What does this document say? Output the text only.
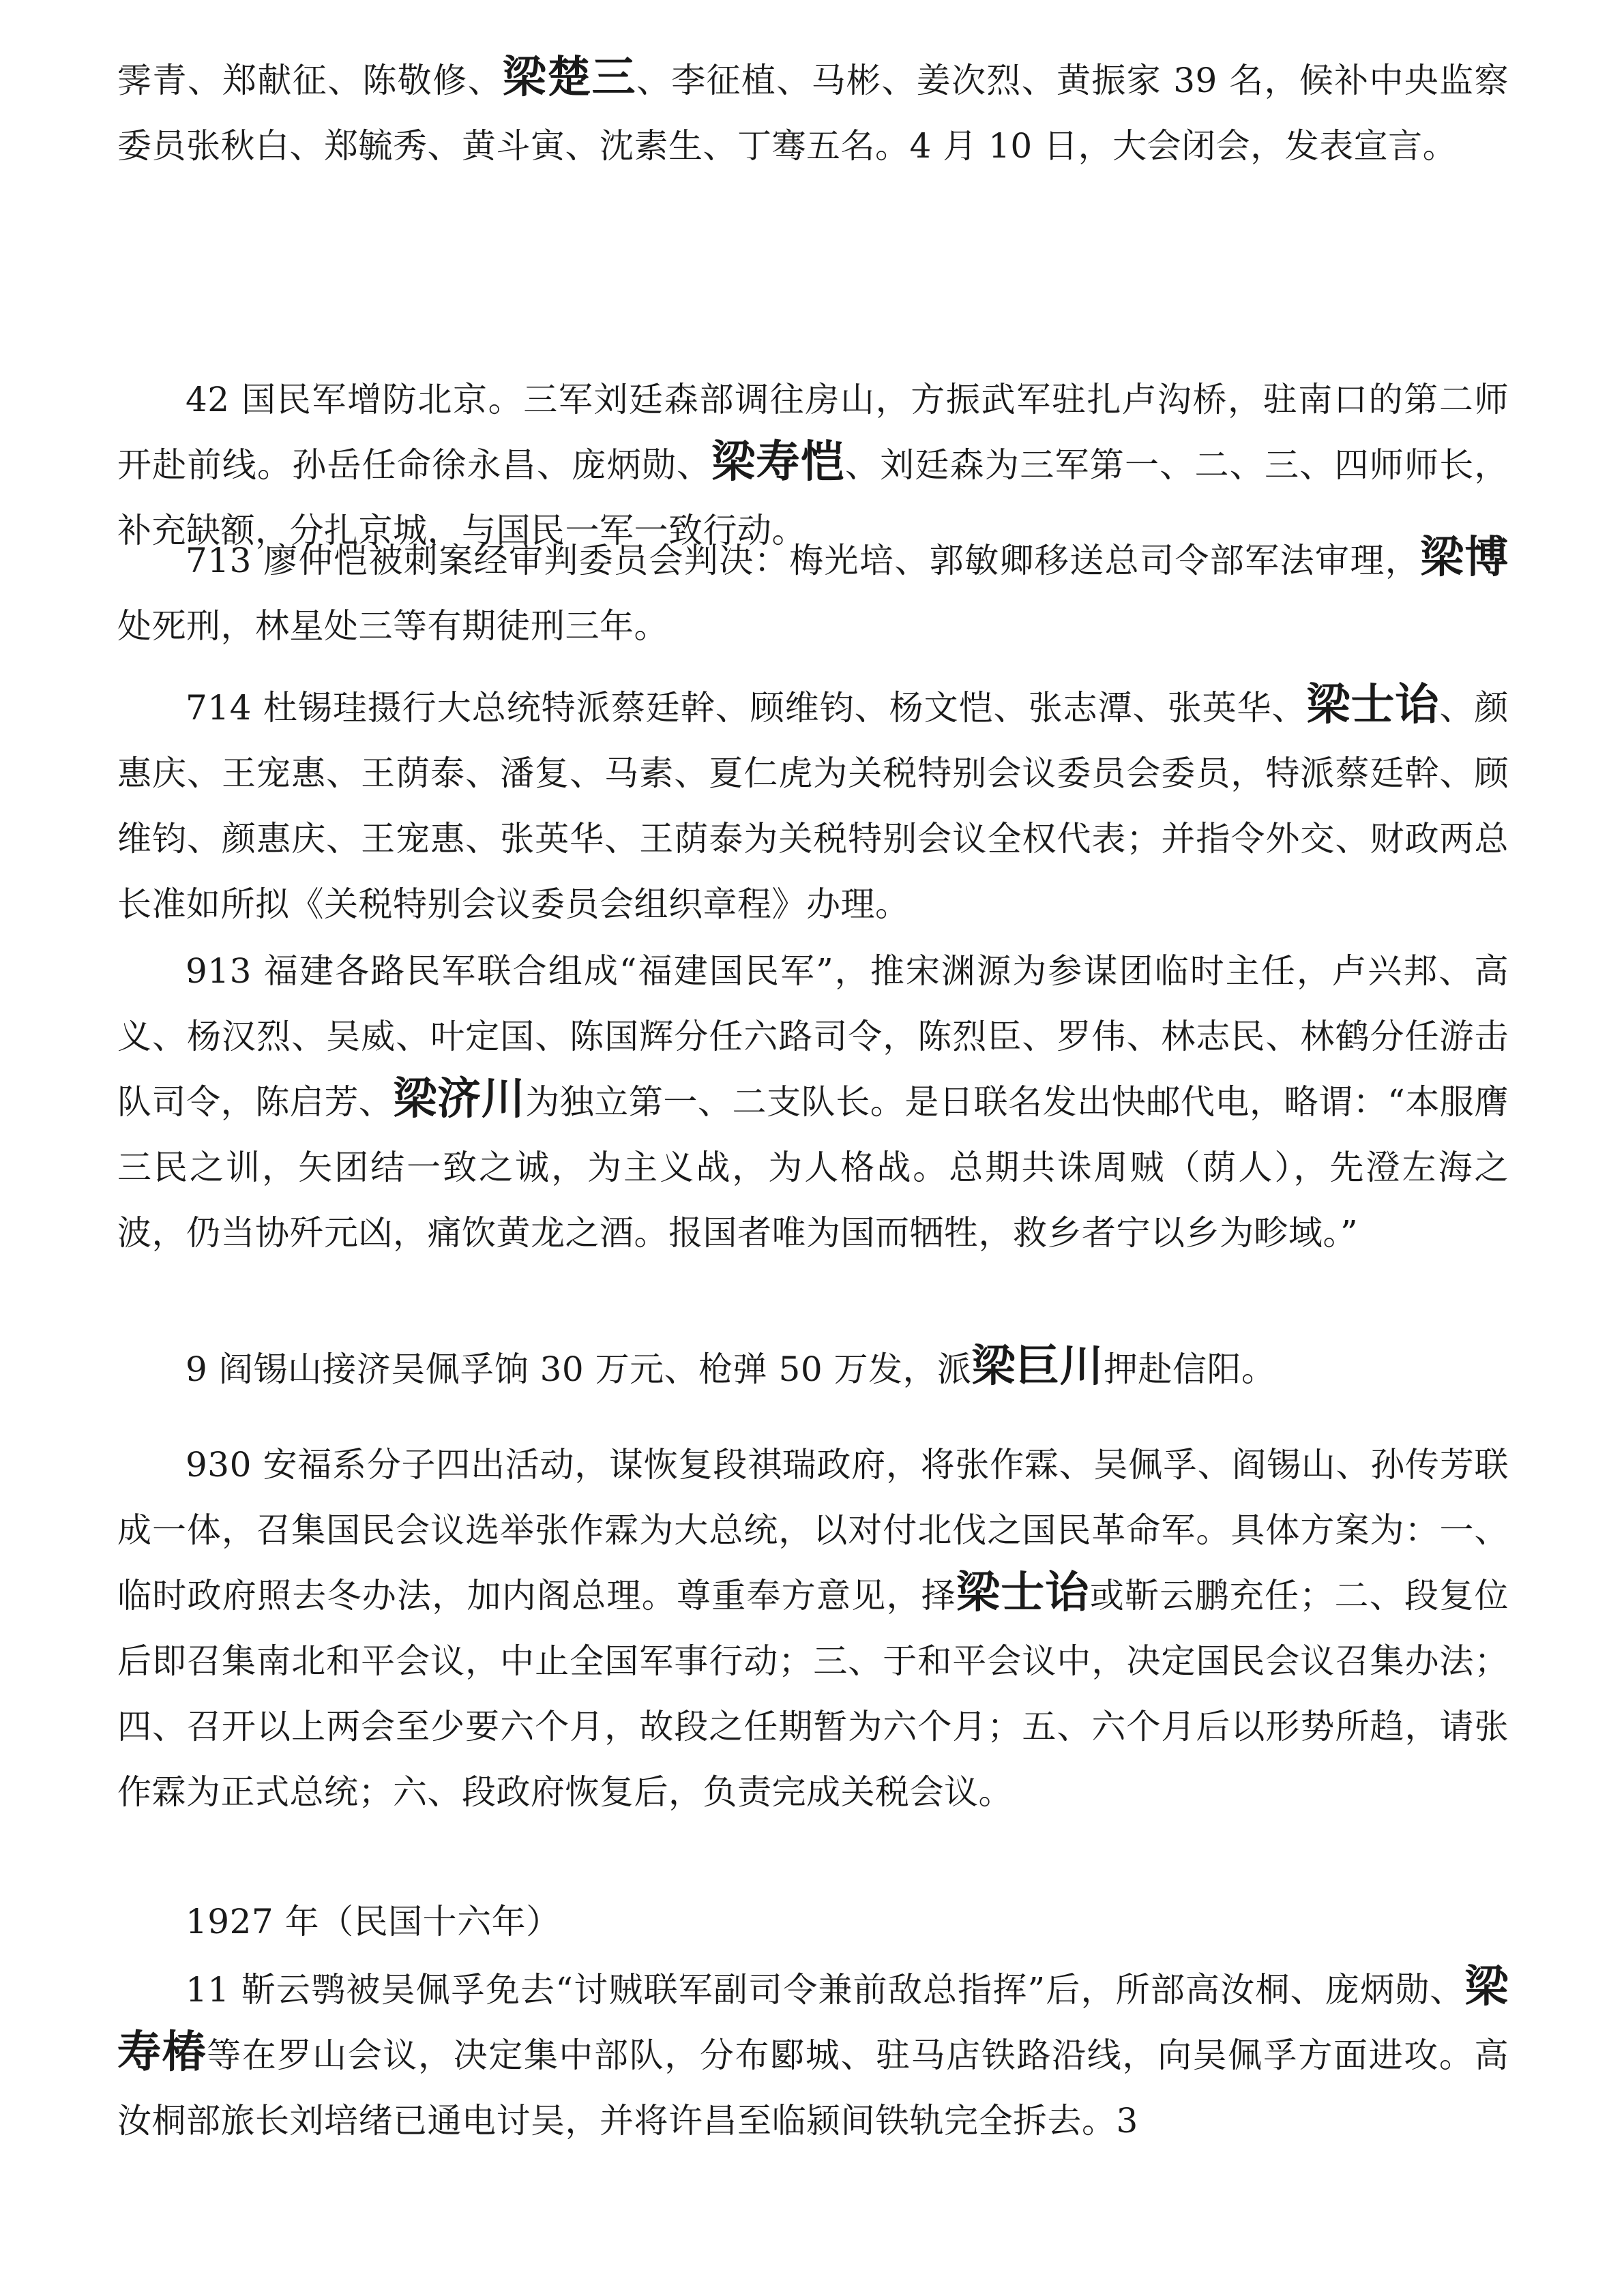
霁青、郑献征、陈敬修、梁楚三、李征植、马彬、姜次烈、黄振家 39 名，候补中央监察委员张秋白、郑毓秀、黄斗寅、沈素生、丁骞五名。4 月 10 日，大会闭会，发表宣言。

42 国民军增防北京。三军刘廷森部调往房山，方振武军驻扎卢沟桥，驻南口的第二师开赴前线。孙岳任命徐永昌、庞炳勋、梁寿恺、刘廷森为三军第一、二、三、四师师长，补充缺额，分扎京城，与国民一军一致行动。

713 廖仲恺被刺案经审判委员会判决：梅光培、郭敏卿移送总司令部军法审理，梁博处死刑，林星处三等有期徒刑三年。

714 杜锡珪摄行大总统特派蔡廷幹、顾维钧、杨文恺、张志潭、张英华、梁士诒、颜惠庆、王宠惠、王荫泰、潘复、马素、夏仁虎为关税特别会议委员会委员，特派蔡廷幹、顾维钧、颜惠庆、王宠惠、张英华、王荫泰为关税特别会议全权代表；并指令外交、财政两总长准如所拟《关税特别会议委员会组织章程》办理。

913 福建各路民军联合组成“福建国民军”，推宋渊源为参谋团临时主任，卢兴邦、高义、杨汉烈、吴威、叶定国、陈国辉分任六路司令，陈烈臣、罗伟、林志民、林鹤分任游击队司令，陈启芳、梁济川为独立第一、二支队长。是日联名发出快邮代电，略谓：“本服膺三民之训，矢团结一致之诚，为主义战，为人格战。总期共诛周贼（荫人），先澄左海之波，仍当协歼元凶，痛饮黄龙之酒。报国者唯为国而牺牲，救乡者宁以乡为畛域。”

9 阎锡山接济吴佩孚饷 30 万元、枪弹 50 万发，派梁巨川押赴信阳。

930 安福系分子四出活动，谋恢复段祺瑞政府，将张作霖、吴佩孚、阎锡山、孙传芳联成一体，召集国民会议选举张作霖为大总统，以对付北伐之国民革命军。具体方案为：一、临时政府照去冬办法，加内阁总理。尊重奉方意见，择梁士诒或靳云鹏充任；二、段复位后即召集南北和平会议，中止全国军事行动；三、于和平会议中，决定国民会议召集办法；四、召开以上两会至少要六个月，故段之任期暂为六个月；五、六个月后以形势所趋，请张作霖为正式总统；六、段政府恢复后，负责完成关税会议。

1927 年（民国十六年）

11 靳云鹗被吴佩孚免去“讨贼联军副司令兼前敌总指挥”后，所部高汝桐、庞炳勋、梁寿椿等在罗山会议，决定集中部队，分布郾城、驻马店铁路沿线，向吴佩孚方面进攻。高汝桐部旅长刘培绪已通电讨吴，并将许昌至临颍间铁轨完全拆去。3
